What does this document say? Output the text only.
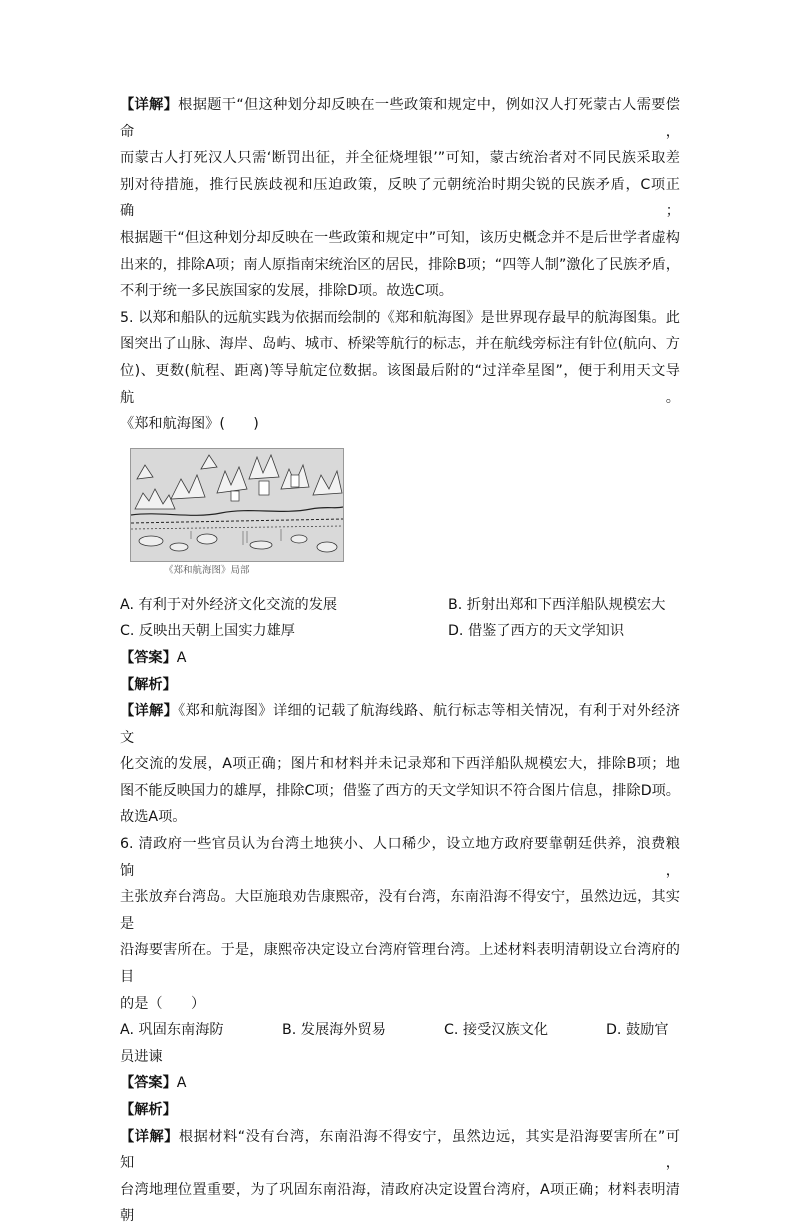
【详解】根据题干“但这种划分却反映在一些政策和规定中，例如汉人打死蒙古人需要偿命，

而蒙古人打死汉人只需‘断罚出征，并全征烧埋银’”可知，蒙古统治者对不同民族采取差

别对待措施，推行民族歧视和压迫政策，反映了元朝统治时期尖锐的民族矛盾，C项正确；

根据题干“但这种划分却反映在一些政策和规定中”可知，该历史概念并不是后世学者虚构

出来的，排除A项；南人原指南宋统治区的居民，排除B项；“四等人制”激化了民族矛盾，

不利于统一多民族国家的发展，排除D项。故选C项。

5. 以郑和船队的远航实践为依据而绘制的《郑和航海图》是世界现存最早的航海图集。此

图突出了山脉、海岸、岛屿、城市、桥梁等航行的标志，并在航线旁标注有针位(航向、方

位)、更数(航程、距离)等导航定位数据。该图最后附的“过洋牵星图”，便于利用天文导航。

《郑和航海图》(　　)

《郑和航海图》局部
A. 有利于对外经济文化交流的发展	B. 折射出郑和下西洋船队规模宏大
C. 反映出天朝上国实力雄厚	D. 借鉴了西方的天文学知识

【答案】A

【解析】

【详解】《郑和航海图》详细的记载了航海线路、航行标志等相关情况，有利于对外经济文

化交流的发展，A项正确；图片和材料并未记录郑和下西洋船队规模宏大，排除B项；地

图不能反映国力的雄厚，排除C项；借鉴了西方的天文学知识不符合图片信息，排除D项。

故选A项。

6. 清政府一些官员认为台湾土地狭小、人口稀少，设立地方政府要靠朝廷供养，浪费粮饷，

主张放弃台湾岛。大臣施琅劝告康熙帝，没有台湾，东南沿海不得安宁，虽然边远，其实是

沿海要害所在。于是，康熙帝决定设立台湾府管理台湾。上述材料表明清朝设立台湾府的目

的是（　　）

A. 巩固东南海防	B. 发展海外贸易	C. 接受汉族文化	D. 鼓励官

员进谏

【答案】A

【解析】

【详解】根据材料“没有台湾，东南沿海不得安宁，虽然边远，其实是沿海要害所在”可知，

台湾地理位置重要，为了巩固东南沿海，清政府决定设置台湾府，A项正确；材料表明清朝
